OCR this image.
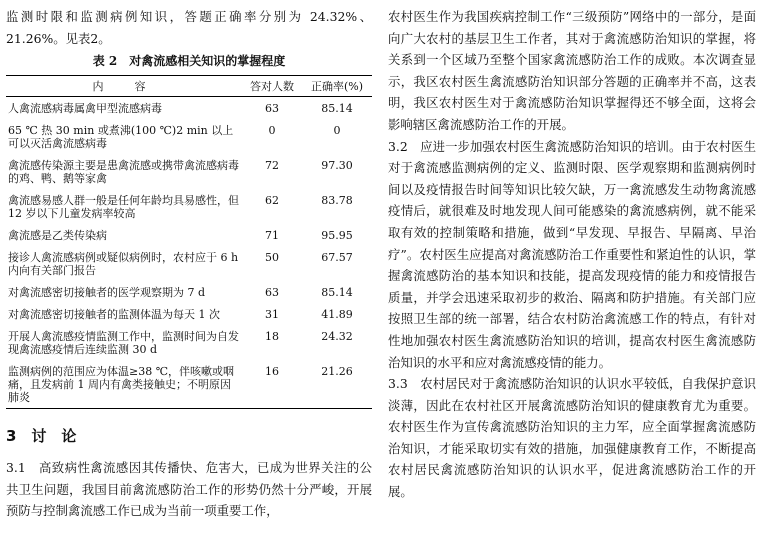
监测时限和监测病例知识，答题正确率分别为 24.32%、21.26%。见表2。

表 2　对禽流感相关知识的掌握程度
内　容	答对人数	正确率(%)
人禽流感病毒属禽甲型流感病毒	63	85.14
65 ℃ 热 30 min 或煮沸(100 ℃)2 min 以上可以灭活禽流感病毒	0	0
禽流感传染源主要是患禽流感或携带禽流感病毒的鸡、鸭、鹅等家禽	72	97.30
禽流感易感人群一般是任何年龄均具易感性，但 12 岁以下儿童发病率较高	62	83.78
禽流感是乙类传染病	71	95.95
接诊人禽流感病例或疑似病例时，农村应于 6 h 内向有关部门报告	50	67.57
对禽流感密切接触者的医学观察期为 7 d	63	85.14
对禽流感密切接触者的监测体温为每天 1 次	31	41.89
开展人禽流感疫情监测工作中，监测时间为自发现禽流感疫情后连续监测 30 d	18	24.32
监测病例的范围应为体温≥38 ℃，伴咳嗽或咽痛，且发病前 1 周内有禽类接触史；不明原因肺炎	16	21.26
3　讨　论

3.1　高致病性禽流感因其传播快、危害大，已成为世界关注的公共卫生问题，我国目前禽流感防治工作的形势仍然十分严峻，开展预防与控制禽流感工作已成为当前一项重要工作，

农村医生作为我国疾病控制工作“三级预防”网络中的一部分，是面向广大农村的基层卫生工作者，其对于禽流感防治知识的掌握，将关系到一个区域乃至整个国家禽流感防治工作的成败。本次调查显示，我区农村医生禽流感防治知识部分答题的正确率并不高，这表明，我区农村医生对于禽流感防治知识掌握得还不够全面，这将会影响辖区禽流感防治工作的开展。

3.2　应进一步加强农村医生禽流感防治知识的培训。由于农村医生对于禽流感监测病例的定义、监测时限、医学观察期和监测病例时间以及疫情报告时间等知识比较欠缺，万一禽流感发生动物禽流感疫情后，就很难及时地发现人间可能感染的禽流感病例，就不能采取有效的控制策略和措施，做到“早发现、早报告、早隔离、早治疗”。农村医生应提高对禽流感防治工作重要性和紧迫性的认识，掌握禽流感防治的基本知识和技能，提高发现疫情的能力和疫情报告质量，并学会迅速采取初步的救治、隔离和防护措施。有关部门应按照卫生部的统一部署，结合农村防治禽流感工作的特点，有针对性地加强农村医生禽流感防治知识的培训，提高农村医生禽流感防治知识的水平和应对禽流感疫情的能力。

3.3　农村居民对于禽流感防治知识的认识水平较低，自我保护意识淡薄，因此在农村社区开展禽流感防治知识的健康教育尤为重要。农村医生作为宣传禽流感防治知识的主力军，应全面掌握禽流感防治知识，才能采取切实有效的措施，加强健康教育工作，不断提高农村居民禽流感防治知识的认识水平，促进禽流感防治工作的开展。
